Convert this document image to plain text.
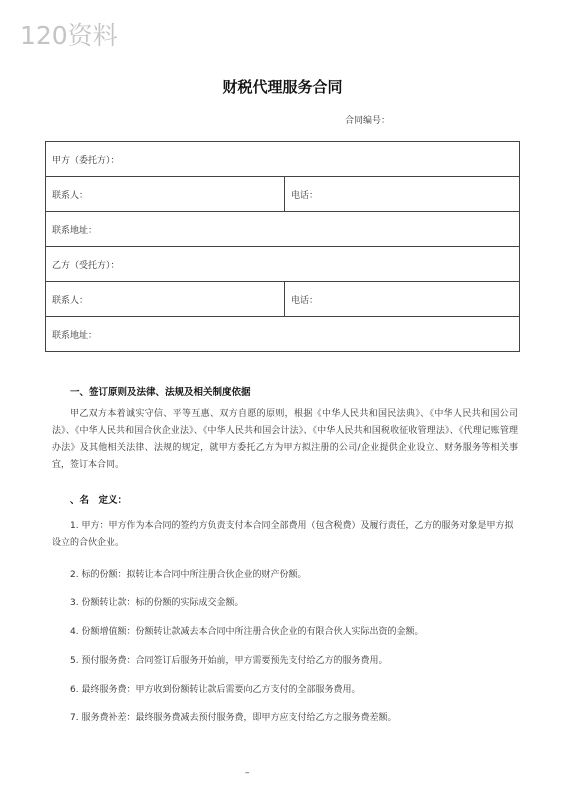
120资料
财税代理服务合同
合同编号：
甲方（委托方）：	
联系人：	电话：
联系地址：	
乙方（受托方）：	
联系人：	电话：
联系地址：	
一、签订原则及法律、法规及相关制度依据
甲乙双方本着诚实守信、平等互惠、双方自愿的原则，根据《中华人民共和国民法典》、《中华人民共和国公司法》、《中华人民共和国合伙企业法》、《中华人民共和国会计法》、《中华人民共和国税收征收管理法》、《代理记账管理办法》及其他相关法律、法规的规定，就甲方委托乙方为甲方拟注册的公司/企业提供企业设立、财务服务等相关事宜，签订本合同。
、名　定义：
1. 甲方：甲方作为本合同的签约方负责支付本合同全部费用（包含税费）及履行责任，乙方的服务对象是甲方拟设立的合伙企业。
2. 标的份额：拟转让本合同中所注册合伙企业的财产份额。
3. 份额转让款：标的份额的实际成交金额。
4. 份额增值额：份额转让款减去本合同中所注册合伙企业的有限合伙人实际出资的金额。
5. 预付服务费：合同签订后服务开始前，甲方需要预先支付给乙方的服务费用。
6. 最终服务费：甲方收到份额转让款后需要向乙方支付的全部服务费用。
7. 服务费补差：最终服务费减去预付服务费，即甲方应支付给乙方之服务费差额。
–
